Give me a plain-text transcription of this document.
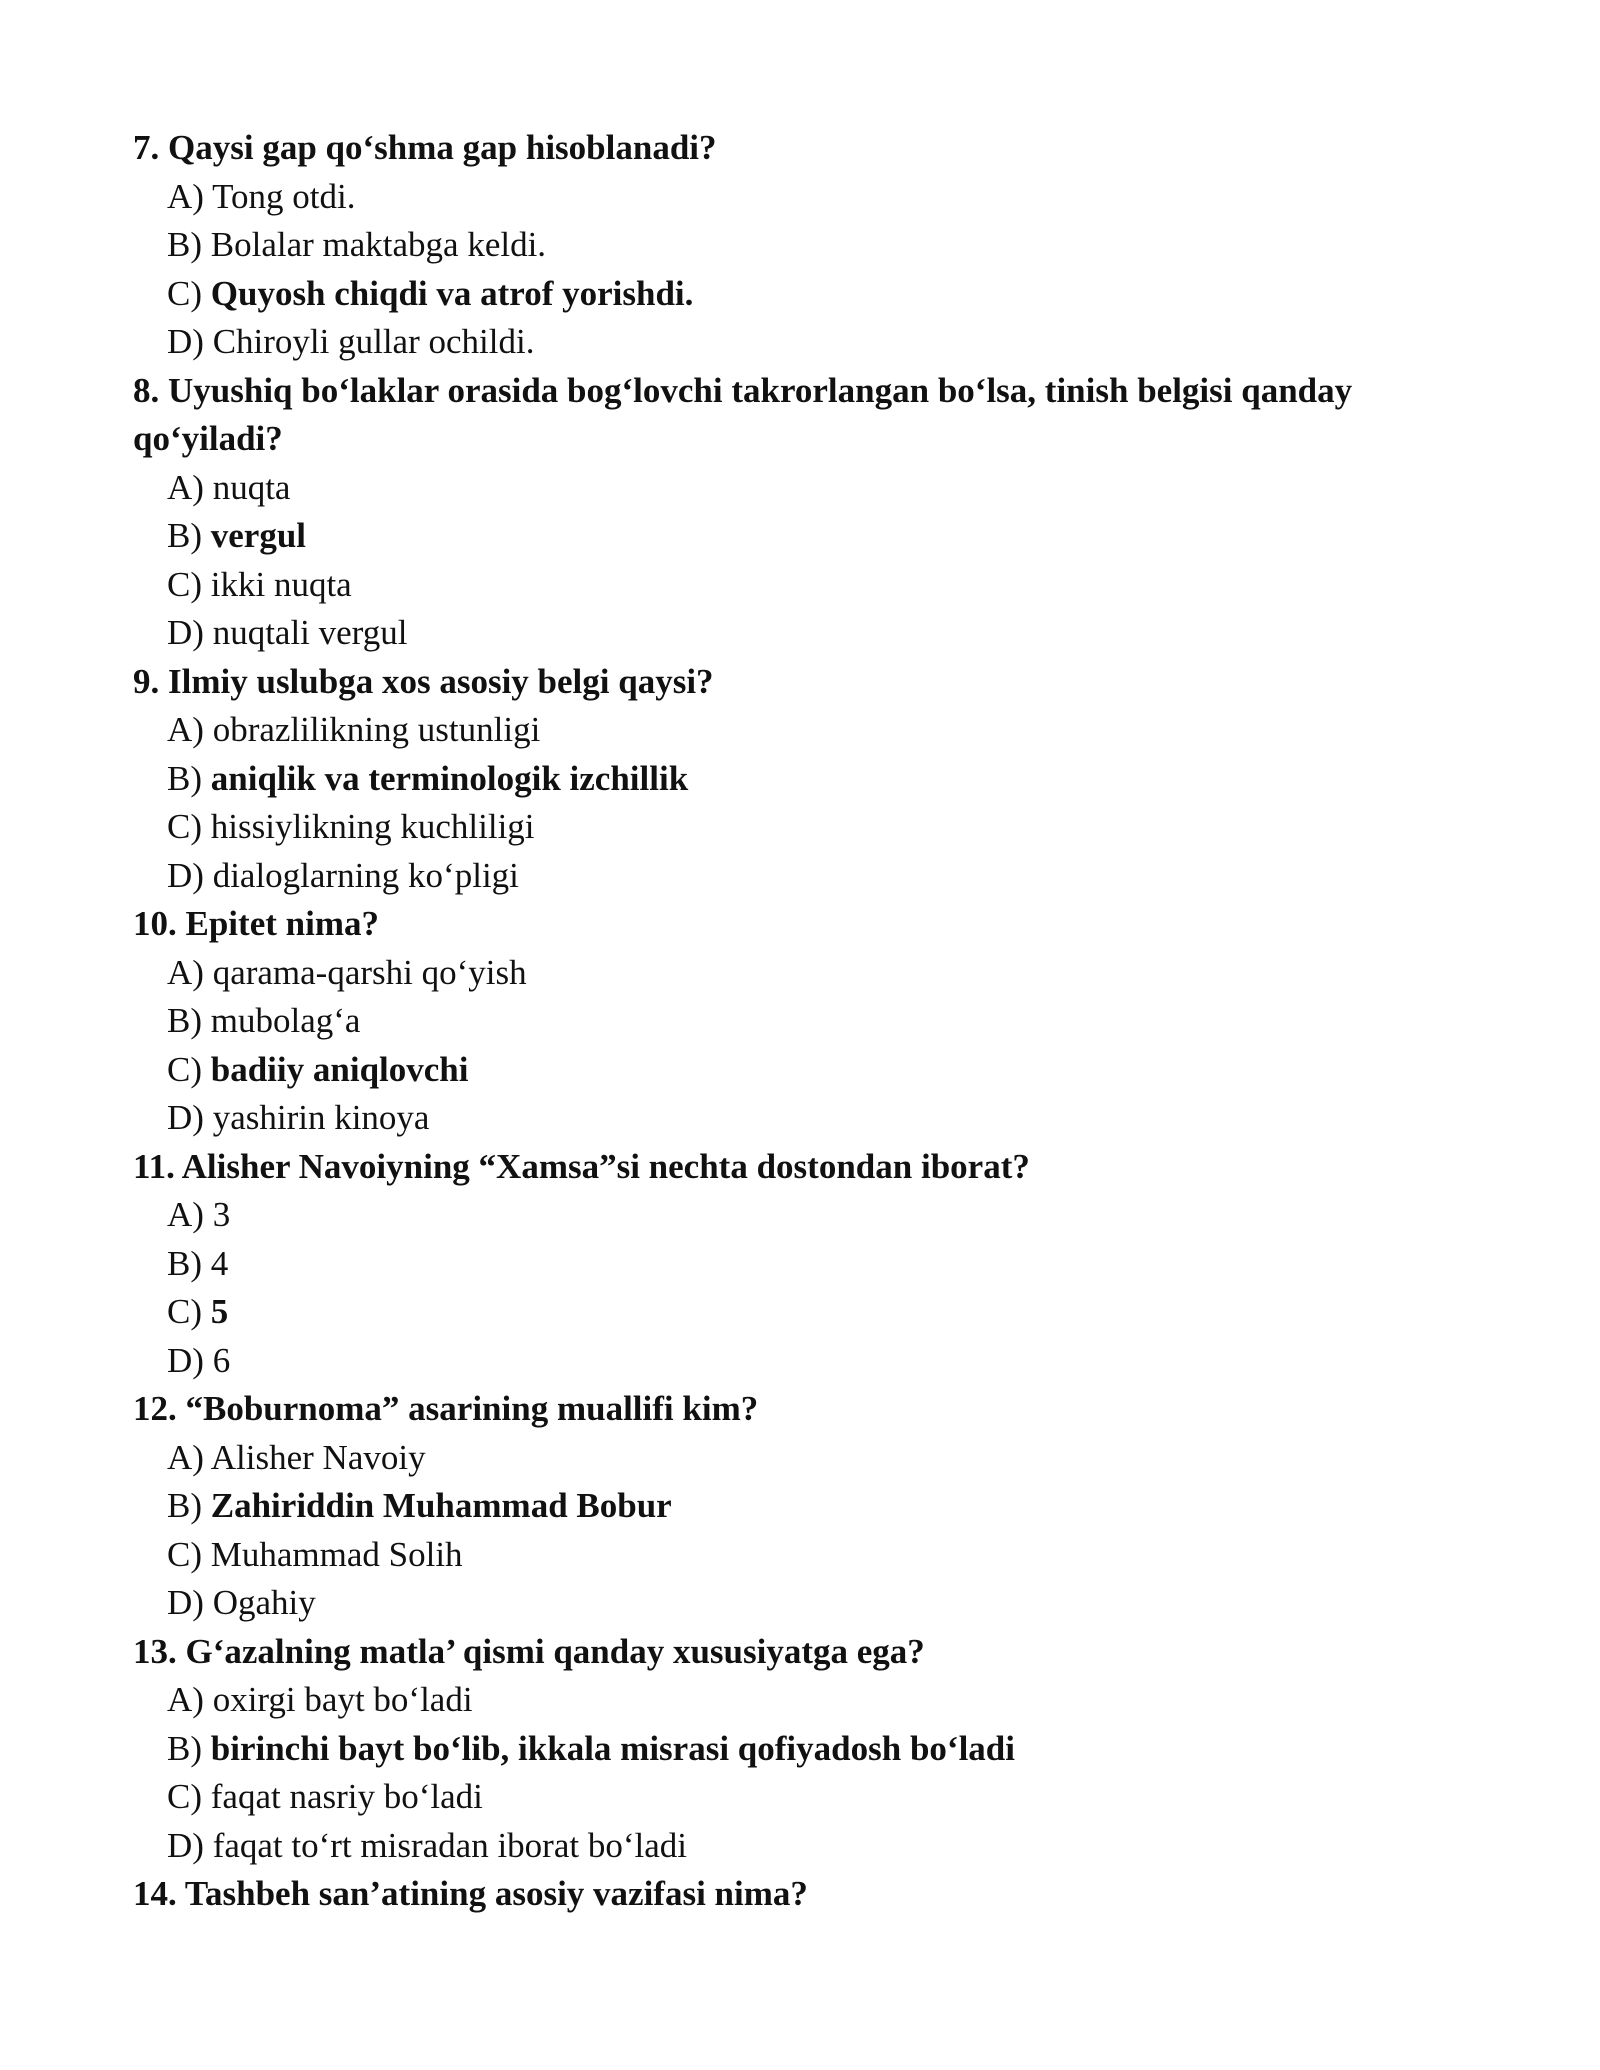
7. Qaysi gap qo‘shma gap hisoblanadi?

A) Tong otdi.

B) Bolalar maktabga keldi.

C) Quyosh chiqdi va atrof yorishdi.

D) Chiroyli gullar ochildi.

8. Uyushiq bo‘laklar orasida bog‘lovchi takrorlangan bo‘lsa, tinish belgisi qanday qo‘yiladi?

A) nuqta

B) vergul

C) ikki nuqta

D) nuqtali vergul

9. Ilmiy uslubga xos asosiy belgi qaysi?

A) obrazlilikning ustunligi

B) aniqlik va terminologik izchillik

C) hissiylikning kuchliligi

D) dialoglarning ko‘pligi

10. Epitet nima?

A) qarama-qarshi qo‘yish

B) mubolag‘a

C) badiiy aniqlovchi

D) yashirin kinoya

11. Alisher Navoiyning “Xamsa”si nechta dostondan iborat?

A) 3

B) 4

C) 5

D) 6

12. “Boburnoma” asarining muallifi kim?

A) Alisher Navoiy

B) Zahiriddin Muhammad Bobur

C) Muhammad Solih

D) Ogahiy

13. G‘azalning matla’ qismi qanday xususiyatga ega?

A) oxirgi bayt bo‘ladi

B) birinchi bayt bo‘lib, ikkala misrasi qofiyadosh bo‘ladi

C) faqat nasriy bo‘ladi

D) faqat to‘rt misradan iborat bo‘ladi

14. Tashbeh san’atining asosiy vazifasi nima?
